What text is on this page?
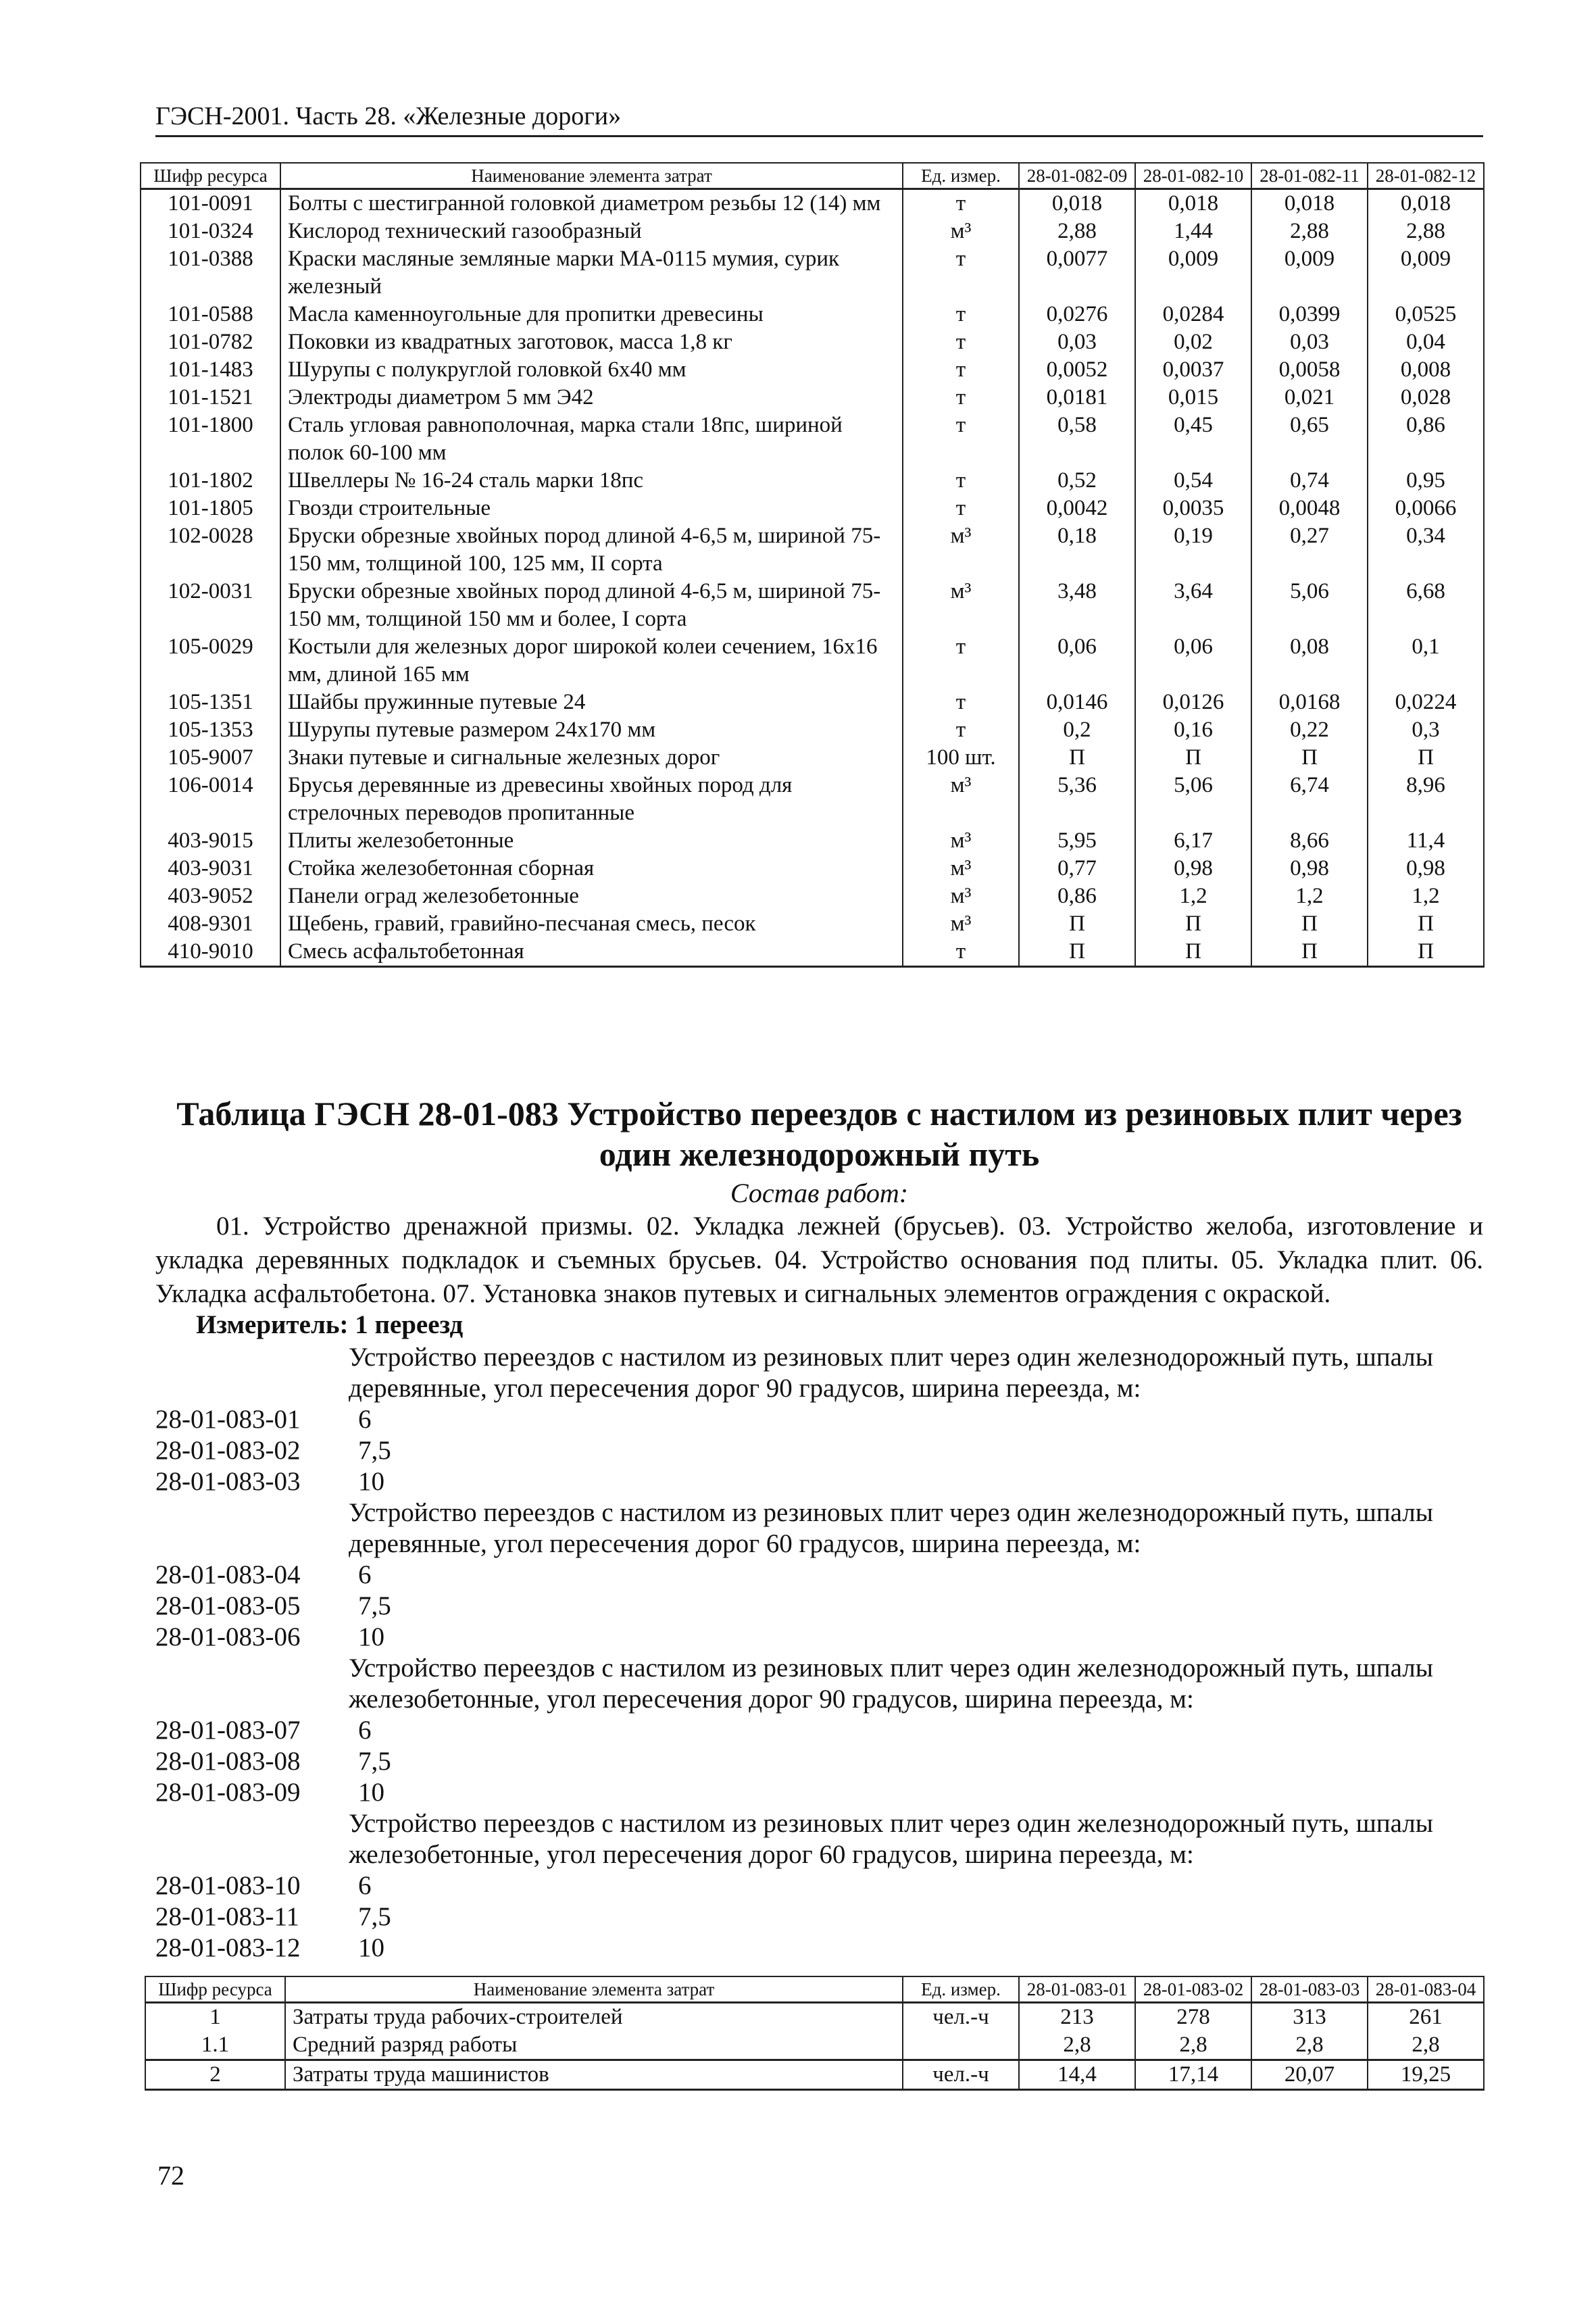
ГЭСН-2001. Часть 28. «Железные дороги»
Шифр ресурса	Наименование элемента затрат	Ед. измер.	28-01-082-09	28-01-082-10	28-01-082-11	28-01-082-12
101-0091	Болты с шестигранной головкой диаметром резьбы 12 (14) мм	т	0,018	0,018	0,018	0,018
101-0324	Кислород технический газообразный	м³	2,88	1,44	2,88	2,88
101-0388	Краски масляные земляные марки МА-0115 мумия, сурик железный	т	0,0077	0,009	0,009	0,009
101-0588	Масла каменноугольные для пропитки древесины	т	0,0276	0,0284	0,0399	0,0525
101-0782	Поковки из квадратных заготовок, масса 1,8 кг	т	0,03	0,02	0,03	0,04
101-1483	Шурупы с полукруглой головкой 6x40 мм	т	0,0052	0,0037	0,0058	0,008
101-1521	Электроды диаметром 5 мм Э42	т	0,0181	0,015	0,021	0,028
101-1800	Сталь угловая равнополочная, марка стали 18пс, шириной полок 60-100 мм	т	0,58	0,45	0,65	0,86
101-1802	Швеллеры № 16-24 сталь марки 18пс	т	0,52	0,54	0,74	0,95
101-1805	Гвозди строительные	т	0,0042	0,0035	0,0048	0,0066
102-0028	Бруски обрезные хвойных пород длиной 4-6,5 м, шириной 75-150 мм, толщиной 100, 125 мм, II сорта	м³	0,18	0,19	0,27	0,34
102-0031	Бруски обрезные хвойных пород длиной 4-6,5 м, шириной 75-150 мм, толщиной 150 мм и более, I сорта	м³	3,48	3,64	5,06	6,68
105-0029	Костыли для железных дорог широкой колеи сечением, 16x16 мм, длиной 165 мм	т	0,06	0,06	0,08	0,1
105-1351	Шайбы пружинные путевые 24	т	0,0146	0,0126	0,0168	0,0224
105-1353	Шурупы путевые размером 24x170 мм	т	0,2	0,16	0,22	0,3
105-9007	Знаки путевые и сигнальные железных дорог	100 шт.	П	П	П	П
106-0014	Брусья деревянные из древесины хвойных пород для стрелочных переводов пропитанные	м³	5,36	5,06	6,74	8,96
403-9015	Плиты железобетонные	м³	5,95	6,17	8,66	11,4
403-9031	Стойка железобетонная сборная	м³	0,77	0,98	0,98	0,98
403-9052	Панели оград железобетонные	м³	0,86	1,2	1,2	1,2
408-9301	Щебень, гравий, гравийно-песчаная смесь, песок	м³	П	П	П	П
410-9010	Смесь асфальтобетонная	т	П	П	П	П
Таблица ГЭСН 28-01-083 Устройство переездов с настилом из резиновых плит через один железнодорожный путь
Состав работ:
01. Устройство дренажной призмы. 02. Укладка лежней (брусьев). 03. Устройство желоба, изготовление и укладка деревянных подкладок и съемных брусьев. 04. Устройство основания под плиты. 05. Укладка плит. 06. Укладка асфальтобетона. 07. Установка знаков путевых и сигнальных элементов ограждения с окраской.
Измеритель: 1 переезд
Устройство переездов с настилом из резиновых плит через один железнодорожный путь, шпалы деревянные, угол пересечения дорог 90 градусов, ширина переезда, м:
28-01-083-01	6
28-01-083-02	7,5
28-01-083-03	10
Устройство переездов с настилом из резиновых плит через один железнодорожный путь, шпалы деревянные, угол пересечения дорог 60 градусов, ширина переезда, м:
28-01-083-04	6
28-01-083-05	7,5
28-01-083-06	10
Устройство переездов с настилом из резиновых плит через один железнодорожный путь, шпалы железобетонные, угол пересечения дорог 90 градусов, ширина переезда, м:
28-01-083-07	6
28-01-083-08	7,5
28-01-083-09	10
Устройство переездов с настилом из резиновых плит через один железнодорожный путь, шпалы железобетонные, угол пересечения дорог 60 градусов, ширина переезда, м:
28-01-083-10	6
28-01-083-11	7,5
28-01-083-12	10
Шифр ресурса	Наименование элемента затрат	Ед. измер.	28-01-083-01	28-01-083-02	28-01-083-03	28-01-083-04
1	Затраты труда рабочих-строителей	чел.-ч	213	278	313	261
1.1	Средний разряд работы		2,8	2,8	2,8	2,8
2	Затраты труда машинистов	чел.-ч	14,4	17,14	20,07	19,25
72
